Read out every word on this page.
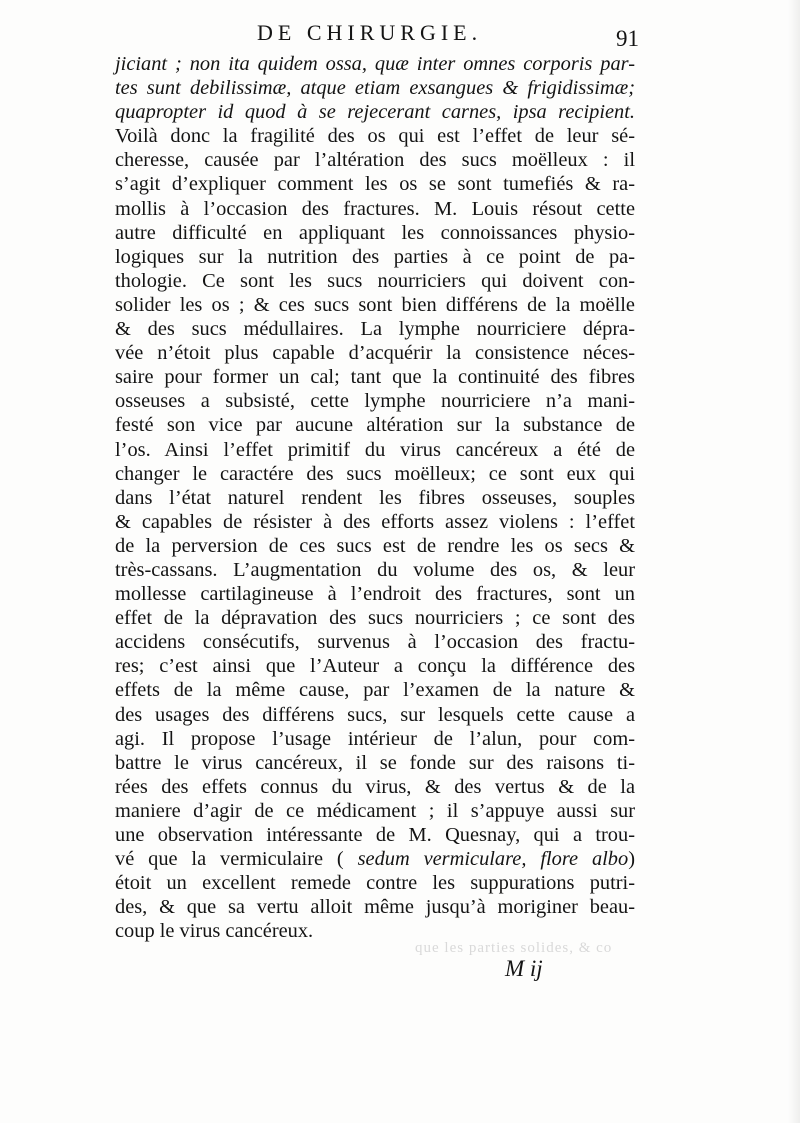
DE CHIRURGIE.	91
jiciant ; non ita quidem ossa, quæ inter omnes corporis par-
tes sunt debilissimæ, atque etiam exsangues & frigidissimæ;
quapropter id quod à se rejecerant carnes, ipsa recipient.
Voilà donc la fragilité des os qui est l’effet de leur sé-
cheresse, causée par l’altération des sucs moëlleux : il
s’agit d’expliquer comment les os se sont tumefiés & ra-
mollis à l’occasion des fractures. M. Louis résout cette
autre difficulté en appliquant les connoissances physio-
logiques sur la nutrition des parties à ce point de pa-
thologie. Ce sont les sucs nourriciers qui doivent con-
solider les os ; & ces sucs sont bien différens de la moëlle
& des sucs médullaires. La lymphe nourriciere dépra-
vée n’étoit plus capable d’acquérir la consistence néces-
saire pour former un cal; tant que la continuité des fibres
osseuses a subsisté, cette lymphe nourriciere n’a mani-
festé son vice par aucune altération sur la substance de
l’os. Ainsi l’effet primitif du virus cancéreux a été de
changer le caractére des sucs moëlleux; ce sont eux qui
dans l’état naturel rendent les fibres osseuses, souples
& capables de résister à des efforts assez violens : l’effet
de la perversion de ces sucs est de rendre les os secs &
très-cassans. L’augmentation du volume des os, & leur
mollesse cartilagineuse à l’endroit des fractures, sont un
effet de la dépravation des sucs nourriciers ; ce sont des
accidens consécutifs, survenus à l’occasion des fractu-
res; c’est ainsi que l’Auteur a conçu la différence des
effets de la même cause, par l’examen de la nature &
des usages des différens sucs, sur lesquels cette cause a
agi. Il propose l’usage intérieur de l’alun, pour com-
battre le virus cancéreux, il se fonde sur des raisons ti-
rées des effets connus du virus, & des vertus & de la
maniere d’agir de ce médicament ; il s’appuye aussi sur
une observation intéressante de M. Quesnay, qui a trou-
vé que la vermiculaire ( sedum vermiculare, flore albo)
étoit un excellent remede contre les suppurations putri-
des, & que sa vertu alloit même jusqu’à moriginer beau-
coup le virus cancéreux.
que les parties solides, & co
M ij
